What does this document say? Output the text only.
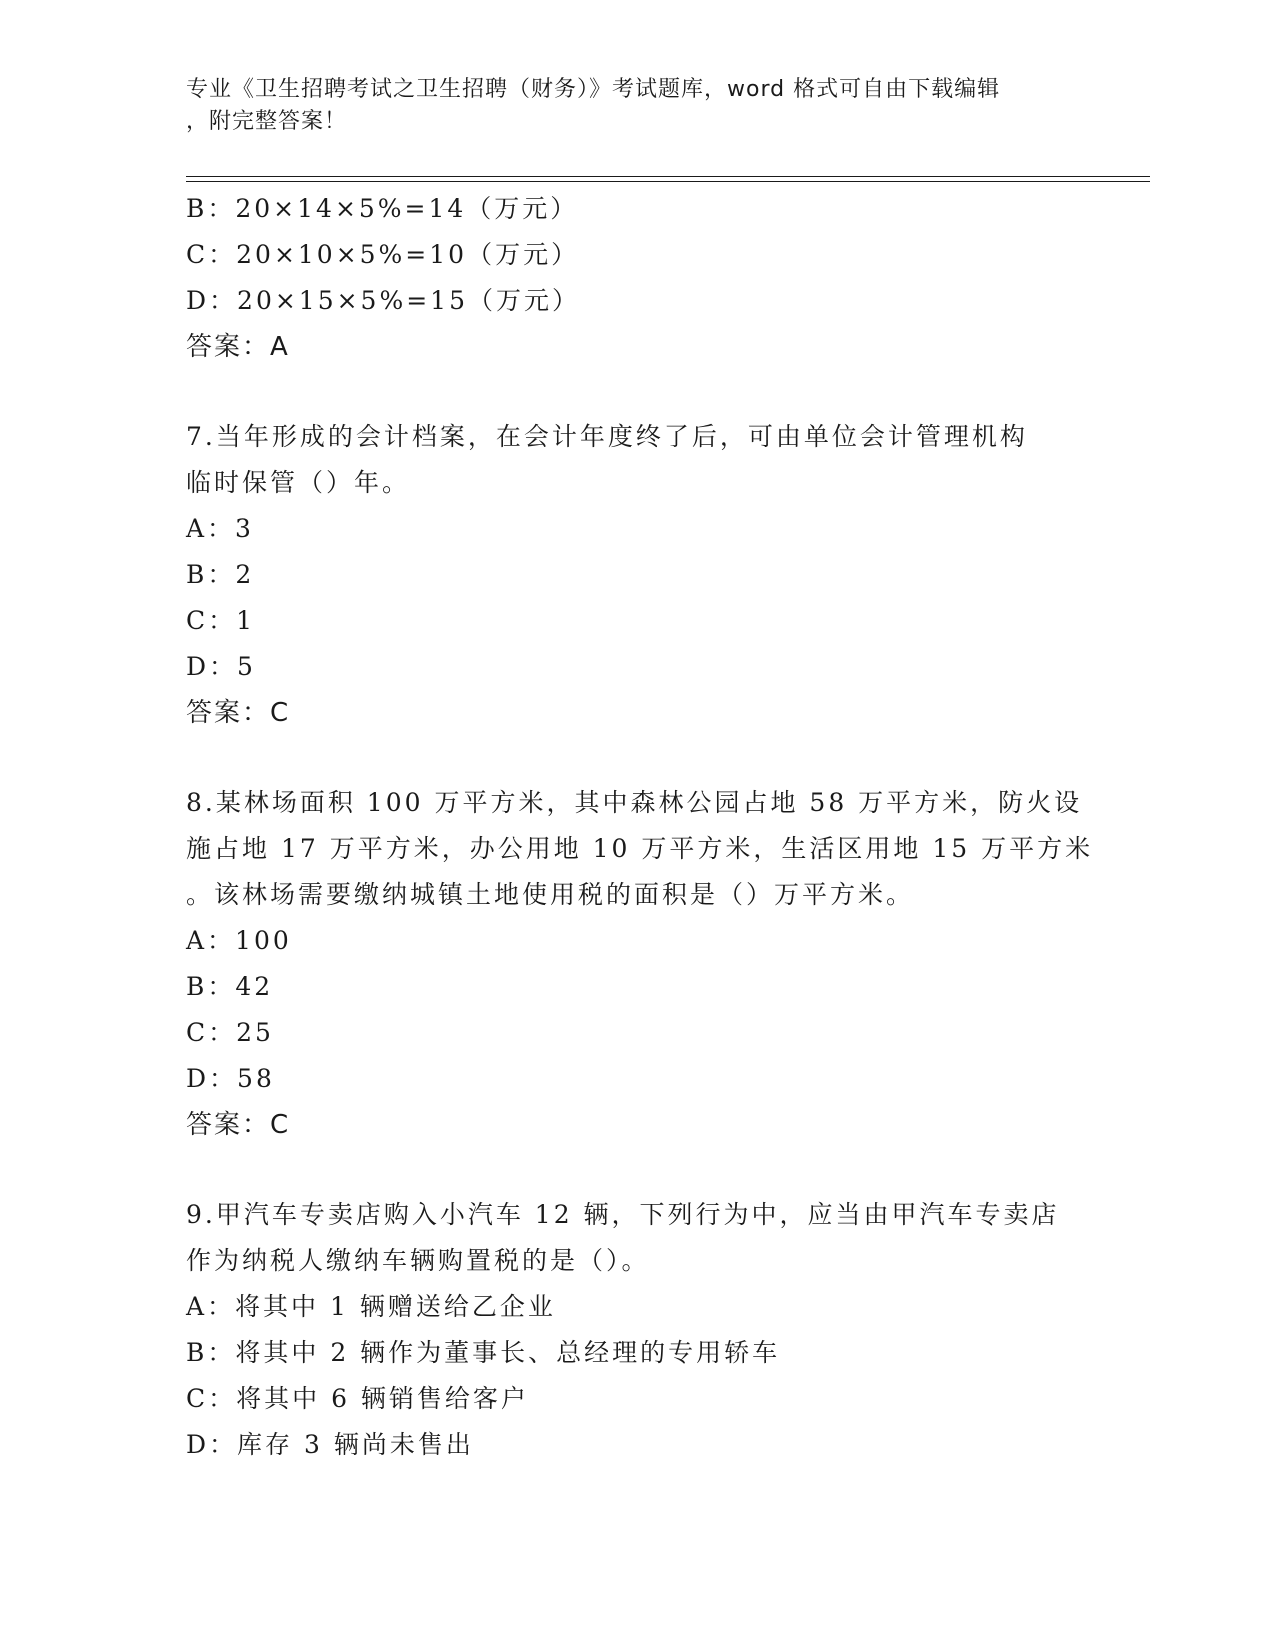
专业《卫生招聘考试之卫生招聘（财务）》考试题库，word 格式可自由下载编辑
，附完整答案！
B：20×14×5%=14（万元）
C：20×10×5%=10（万元）
D：20×15×5%=15（万元）
答案：A
7.当年形成的会计档案，在会计年度终了后，可由单位会计管理机构
临时保管（）年。
A：3
B：2
C：1
D：5
答案：C
8.某林场面积 100 万平方米，其中森林公园占地 58 万平方米，防火设
施占地 17 万平方米，办公用地 10 万平方米，生活区用地 15 万平方米
。该林场需要缴纳城镇土地使用税的面积是（）万平方米。
A：100
B：42
C：25
D：58
答案：C
9.甲汽车专卖店购入小汽车 12 辆，下列行为中，应当由甲汽车专卖店
作为纳税人缴纳车辆购置税的是（）。
A：将其中 1 辆赠送给乙企业
B：将其中 2 辆作为董事长、总经理的专用轿车
C：将其中 6 辆销售给客户
D：库存 3 辆尚未售出
